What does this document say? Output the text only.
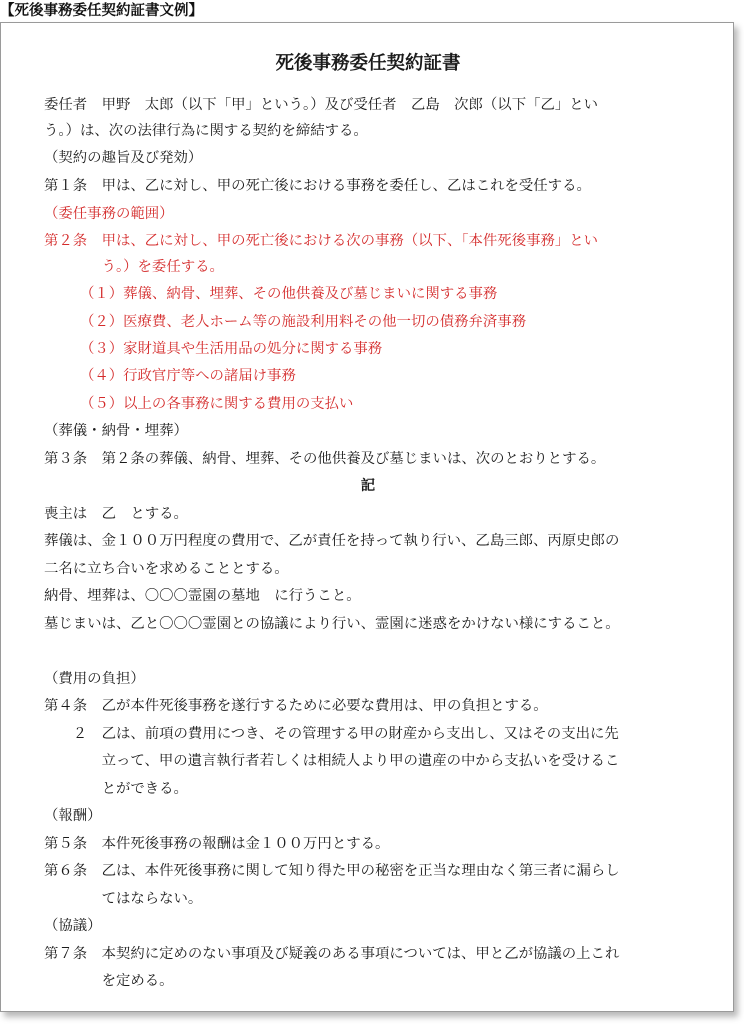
【死後事務委任契約証書文例】
死後事務委任契約証書
委任者　甲野　太郎（以下「甲」という。）及び受任者　乙島　次郎（以下「乙」とい
う。）は、次の法律行為に関する契約を締結する。
（契約の趣旨及び発効）
第１条　甲は、乙に対し、甲の死亡後における事務を委任し、乙はこれを受任する。
（委任事務の範囲）
第２条　甲は、乙に対し、甲の死亡後における次の事務（以下、「本件死後事務」とい
　　　　う。）を委任する。
　　　（１）葬儀、納骨、埋葬、その他供養及び墓じまいに関する事務
　　　（２）医療費、老人ホーム等の施設利用料その他一切の債務弁済事務
　　　（３）家財道具や生活用品の処分に関する事務
　　　（４）行政官庁等への諸届け事務
　　　（５）以上の各事務に関する費用の支払い
（葬儀・納骨・埋葬）
第３条　第２条の葬儀、納骨、埋葬、その他供養及び墓じまいは、次のとおりとする。
記
喪主は　乙　とする。
葬儀は、金１００万円程度の費用で、乙が責任を持って執り行い、乙島三郎、丙原史郎の
二名に立ち合いを求めることとする。
納骨、埋葬は、〇〇〇霊園の墓地　に行うこと。
墓じまいは、乙と〇〇〇霊園との協議により行い、霊園に迷惑をかけない様にすること。
（費用の負担）
第４条　乙が本件死後事務を遂行するために必要な費用は、甲の負担とする。
　　２　乙は、前項の費用につき、その管理する甲の財産から支出し、又はその支出に先
　　　　立って、甲の遺言執行者若しくは相続人より甲の遺産の中から支払いを受けるこ
　　　　とができる。
（報酬）
第５条　本件死後事務の報酬は金１００万円とする。
第６条　乙は、本件死後事務に関して知り得た甲の秘密を正当な理由なく第三者に漏らし
　　　　てはならない。
（協議）
第７条　本契約に定めのない事項及び疑義のある事項については、甲と乙が協議の上これ
　　　　を定める。
